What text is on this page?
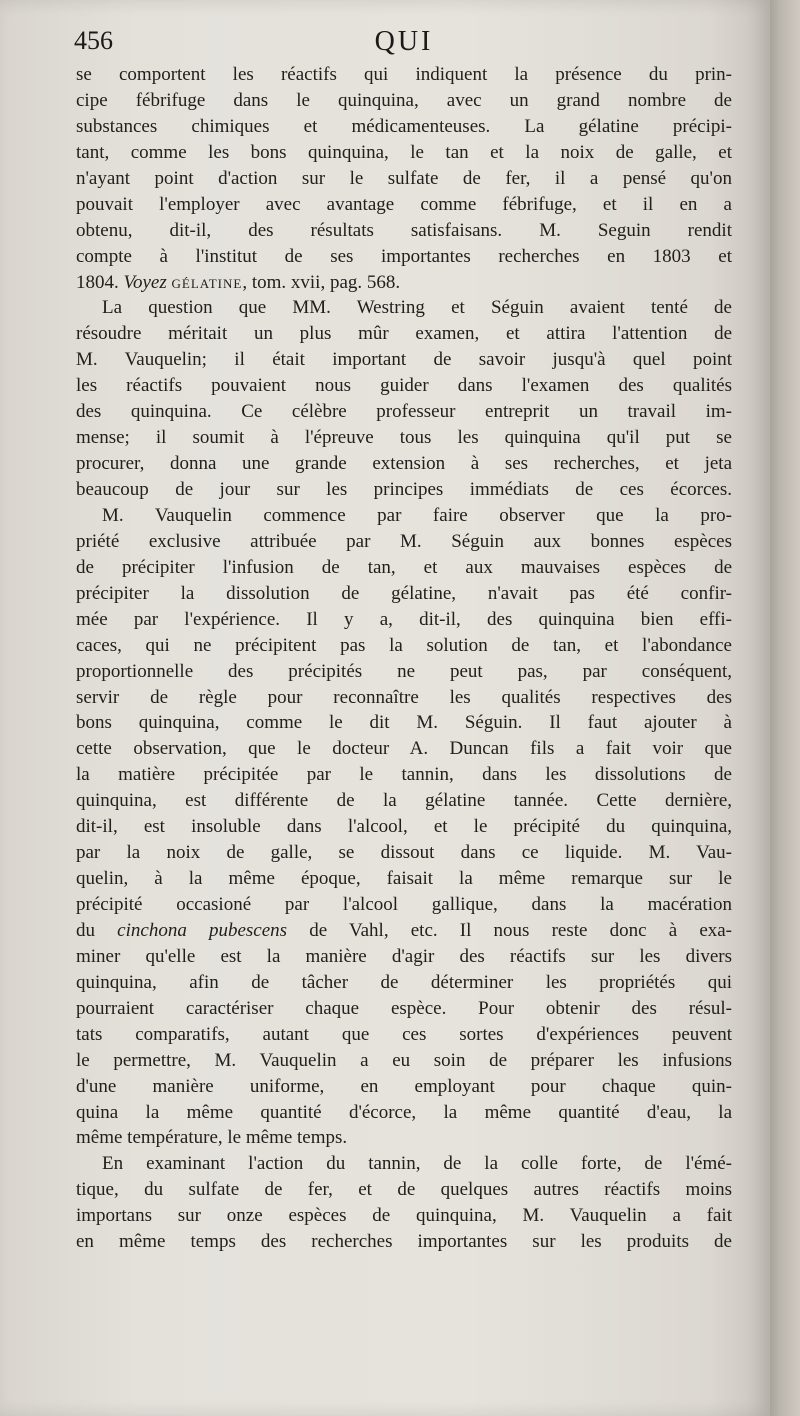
456	QUI
se comportent les réactifs qui indiquent la présence du prin-
cipe fébrifuge dans le quinquina, avec un grand nombre de
substances chimiques et médicamenteuses. La gélatine précipi-
tant, comme les bons quinquina, le tan et la noix de galle, et
n'ayant point d'action sur le sulfate de fer, il a pensé qu'on
pouvait l'employer avec avantage comme fébrifuge, et il en a
obtenu, dit-il, des résultats satisfaisans. M. Seguin rendit
compte à l'institut de ses importantes recherches en 1803 et
1804. Voyez gélatine, tom. xvii, pag. 568.
La question que MM. Westring et Séguin avaient tenté de
résoudre méritait un plus mûr examen, et attira l'attention de
M. Vauquelin; il était important de savoir jusqu'à quel point
les réactifs pouvaient nous guider dans l'examen des qualités
des quinquina. Ce célèbre professeur entreprit un travail im-
mense; il soumit à l'épreuve tous les quinquina qu'il put se
procurer, donna une grande extension à ses recherches, et jeta
beaucoup de jour sur les principes immédiats de ces écorces.
M. Vauquelin commence par faire observer que la pro-
priété exclusive attribuée par M. Séguin aux bonnes espèces
de précipiter l'infusion de tan, et aux mauvaises espèces de
précipiter la dissolution de gélatine, n'avait pas été confir-
mée par l'expérience. Il y a, dit-il, des quinquina bien effi-
caces, qui ne précipitent pas la solution de tan, et l'abondance
proportionnelle des précipités ne peut pas, par conséquent,
servir de règle pour reconnaître les qualités respectives des
bons quinquina, comme le dit M. Séguin. Il faut ajouter à
cette observation, que le docteur A. Duncan fils a fait voir que
la matière précipitée par le tannin, dans les dissolutions de
quinquina, est différente de la gélatine tannée. Cette dernière,
dit-il, est insoluble dans l'alcool, et le précipité du quinquina,
par la noix de galle, se dissout dans ce liquide. M. Vau-
quelin, à la même époque, faisait la même remarque sur le
précipité occasioné par l'alcool gallique, dans la macération
du cinchona pubescens de Vahl, etc. Il nous reste donc à exa-
miner qu'elle est la manière d'agir des réactifs sur les divers
quinquina, afin de tâcher de déterminer les propriétés qui
pourraient caractériser chaque espèce. Pour obtenir des résul-
tats comparatifs, autant que ces sortes d'expériences peuvent
le permettre, M. Vauquelin a eu soin de préparer les infusions
d'une manière uniforme, en employant pour chaque quin-
quina la même quantité d'écorce, la même quantité d'eau, la
même température, le même temps.
En examinant l'action du tannin, de la colle forte, de l'émé-
tique, du sulfate de fer, et de quelques autres réactifs moins
importans sur onze espèces de quinquina, M. Vauquelin a fait
en même temps des recherches importantes sur les produits de
